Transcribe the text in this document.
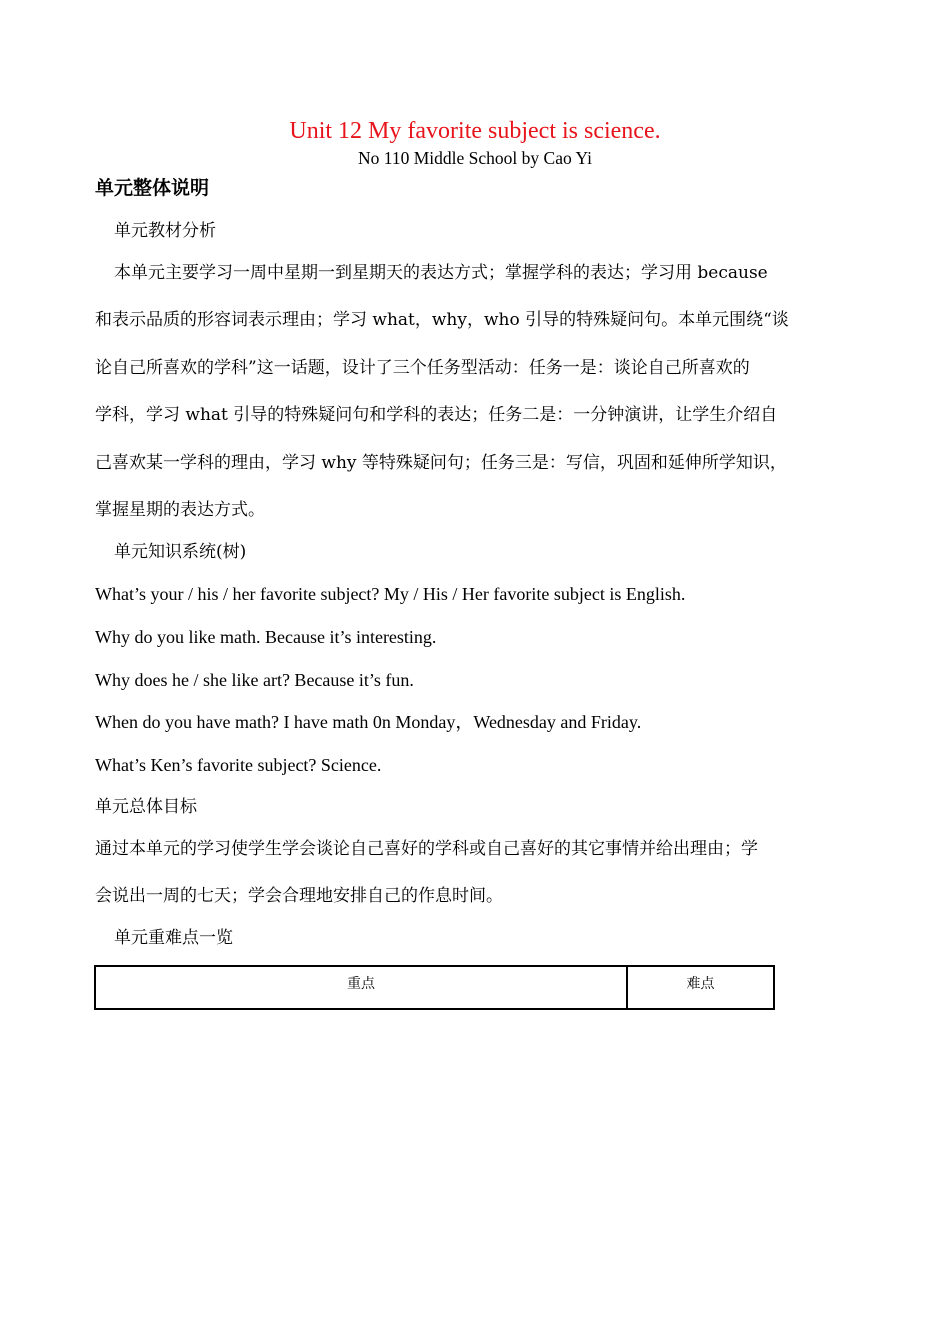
Unit 12 My favorite subject is science.
No 110 Middle School by Cao Yi
单元整体说明
单元教材分析
本单元主要学习一周中星期一到星期天的表达方式；掌握学科的表达；学习用 because
和表示品质的形容词表示理由；学习 what，why，who 引导的特殊疑问句。本单元围绕“谈
论自己所喜欢的学科”这一话题，设计了三个任务型活动：任务一是：谈论自己所喜欢的
学科，学习 what 引导的特殊疑问句和学科的表达；任务二是：一分钟演讲，让学生介绍自
己喜欢某一学科的理由，学习 why 等特殊疑问句；任务三是：写信，巩固和延伸所学知识，
掌握星期的表达方式。
单元知识系统(树)
What’s your / his / her favorite subject? My / His / Her favorite subject is English.
Why do you like math. Because it’s interesting.
Why does he / she like art? Because it’s fun.
When do you have math? I have math 0n Monday，Wednesday and Friday.
What’s Ken’s favorite subject? Science.
单元总体目标
通过本单元的学习使学生学会谈论自己喜好的学科或自己喜好的其它事情并给出理由；学
会说出一周的七天；学会合理地安排自己的作息时间。
单元重难点一览
重点	难点
